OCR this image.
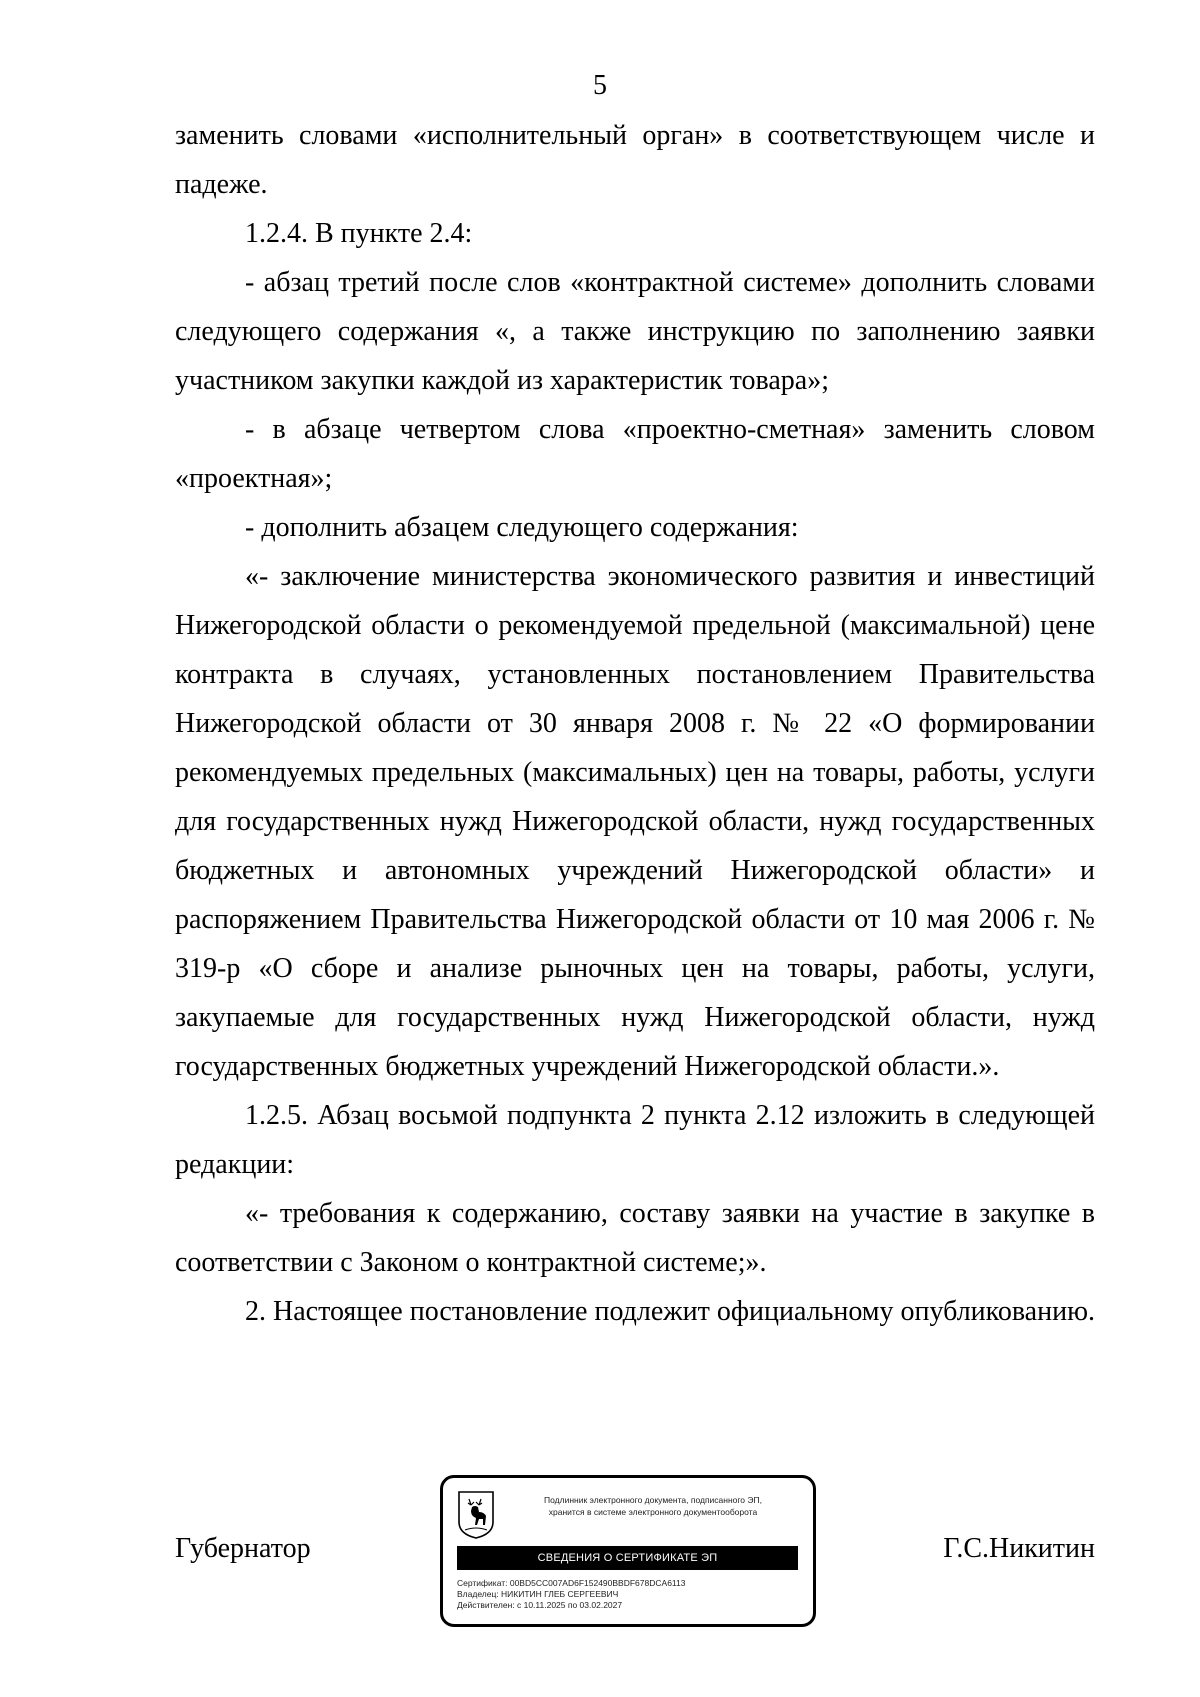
5

заменить словами «исполнительный орган» в соответствующем числе и падеже.

1.2.4. В пункте 2.4:

- абзац третий после слов «контрактной системе» дополнить словами следующего содержания «, а также инструкцию по заполнению заявки участником закупки каждой из характеристик товара»;

- в абзаце четвертом слова «проектно-сметная» заменить словом «проектная»;

- дополнить абзацем следующего содержания:

«- заключение министерства экономического развития и инвестиций Нижегородской области о рекомендуемой предельной (максимальной) цене контракта в случаях, установленных постановлением Правительства Нижегородской области от 30 января 2008 г. № 22 «О формировании рекомендуемых предельных (максимальных) цен на товары, работы, услуги для государственных нужд Нижегородской области, нужд государственных бюджетных и автономных учреждений Нижегородской области» и распоряжением Правительства Нижегородской области от 10 мая 2006 г. № 319-р «О сборе и анализе рыночных цен на товары, работы, услуги, закупаемые для государственных нужд Нижегородской области, нужд государственных бюджетных учреждений Нижегородской области.».

1.2.5. Абзац восьмой подпункта 2 пункта 2.12 изложить в следующей редакции:

«- требования к содержанию, составу заявки на участие в закупке в соответствии с Законом о контрактной системе;».

2. Настоящее постановление подлежит официальному опубликованию.

Губернатор
Подлинник электронного документа, подписанного ЭП,
хранится в системе электронного документооборота
СВЕДЕНИЯ О СЕРТИФИКАТЕ ЭП
Сертификат: 00BD5CC007AD6F152490BBDF678DCA6113
Владелец: НИКИТИН ГЛЕБ СЕРГЕЕВИЧ
Действителен: с 10.11.2025 по 03.02.2027
Г.С.Никитин
